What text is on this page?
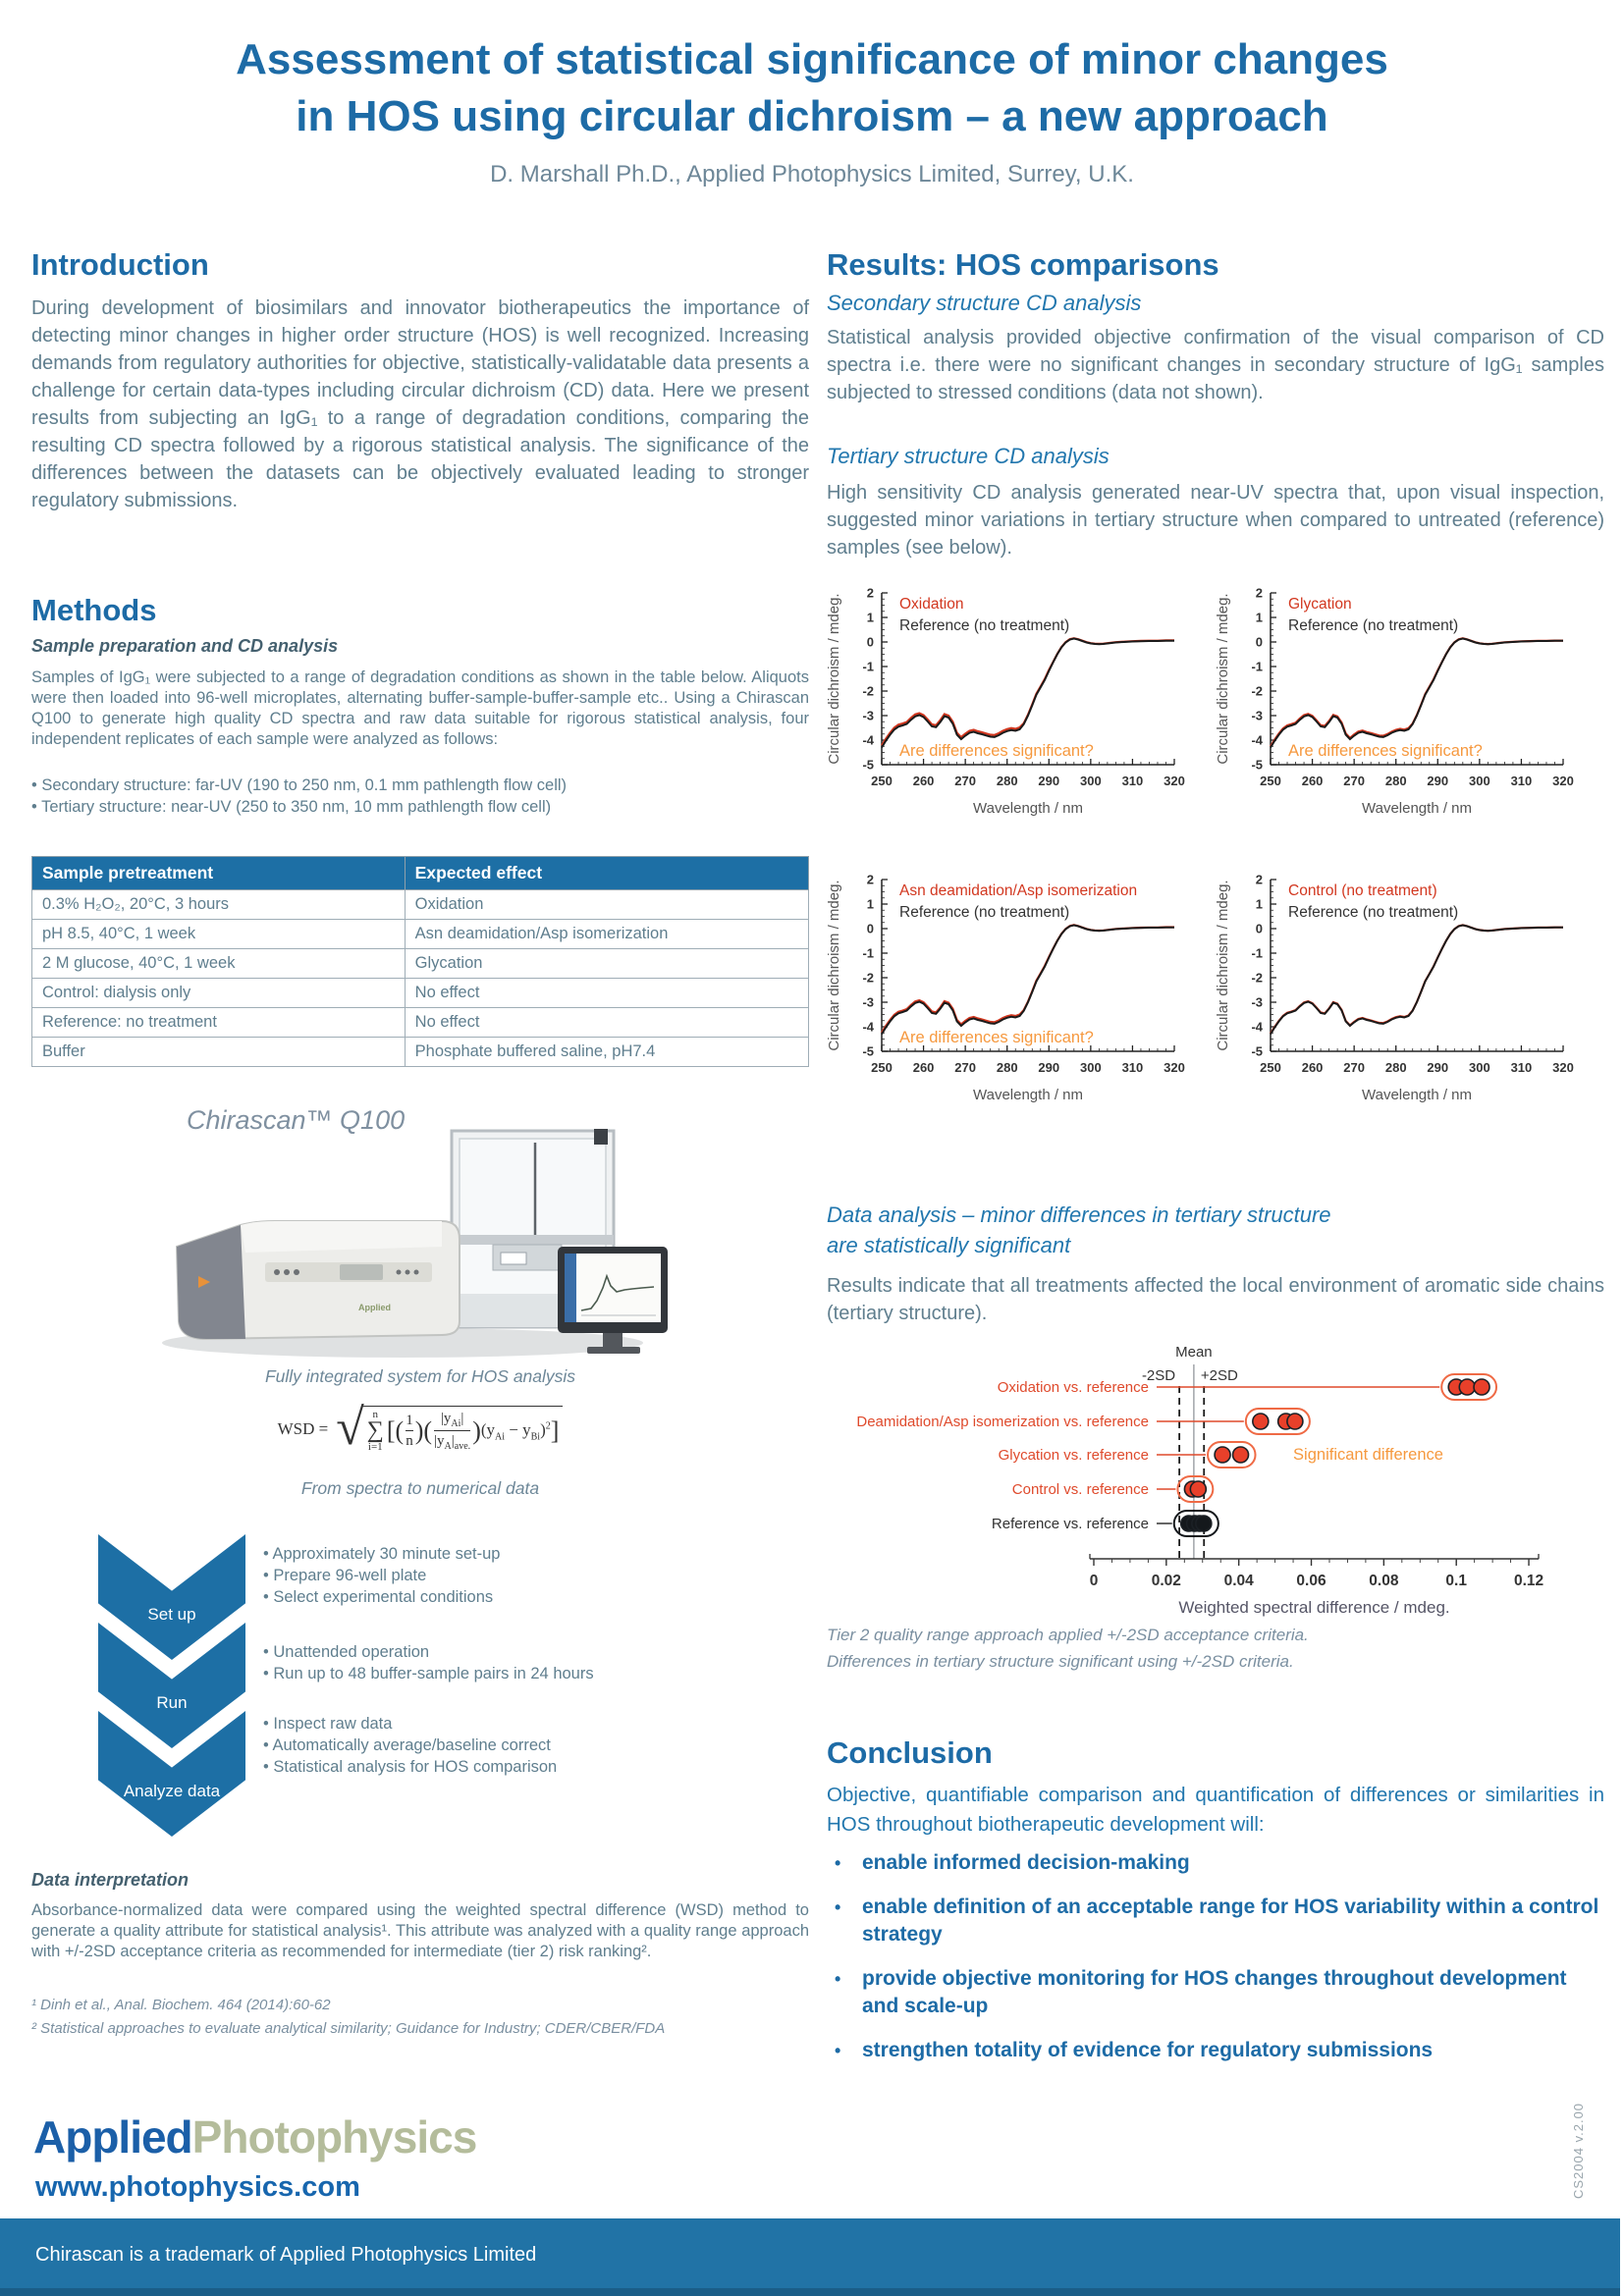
Assessment of statistical significance of minor changes
in HOS using circular dichroism – a new approach
D. Marshall Ph.D., Applied Photophysics Limited, Surrey, U.K.
Introduction
During development of biosimilars and innovator biotherapeutics the importance of detecting minor changes in higher order structure (HOS) is well recognized. Increasing demands from regulatory authorities for objective, statistically-validatable data presents a challenge for certain data-types including circular dichroism (CD) data. Here we present results from subjecting an IgG₁ to a range of degradation conditions, comparing the resulting CD spectra followed by a rigorous statistical analysis. The significance of the differences between the datasets can be objectively evaluated leading to stronger regulatory submissions.
Methods
Sample preparation and CD analysis
Samples of IgG₁ were subjected to a range of degradation conditions as shown in the table below. Aliquots were then loaded into 96-well microplates, alternating buffer-sample-buffer-sample etc.. Using a Chirascan Q100 to generate high quality CD spectra and raw data suitable for rigorous statistical analysis, four independent replicates of each sample were analyzed as follows:
• Secondary structure: far-UV (190 to 250 nm, 0.1 mm pathlength flow cell)
• Tertiary structure: near-UV (250 to 350 nm, 10 mm pathlength flow cell)
Sample pretreatment	Expected effect
0.3% H₂O₂, 20°C, 3 hours	Oxidation
pH 8.5, 40°C, 1 week	Asn deamidation/Asp isomerization
2 M glucose, 40°C, 1 week	Glycation
Control: dialysis only	No effect
Reference: no treatment	No effect
Buffer	Phosphate buffered saline, pH7.4
Chirascan™ Q100
Applied
Fully integrated system for HOS analysis
WSD = √ n
∑
i=1
[ ( $\frac{1}{n}$ ) ( $\frac{|y_{Ai}|}{|y_A|_{ave.}}$ ) $(y_{Ai} - y_{Bi})^2$ ]
From spectra to numerical data
Set up
Run
Analyze data
• Approximately 30 minute set-up
• Prepare 96-well plate
• Select experimental conditions
• Unattended operation
• Run up to 48 buffer-sample pairs in 24 hours
• Inspect raw data
• Automatically average/baseline correct
• Statistical analysis for HOS comparison
Data interpretation
Absorbance-normalized data were compared using the weighted spectral difference (WSD) method to generate a quality attribute for statistical analysis¹. This attribute was analyzed with a quality range approach with +/-2SD acceptance criteria as recommended for intermediate (tier 2) risk ranking².
¹ Dinh et al., Anal. Biochem. 464 (2014):60-62
² Statistical approaches to evaluate analytical similarity; Guidance for Industry; CDER/CBER/FDA
Results: HOS comparisons
Secondary structure CD analysis
Statistical analysis provided objective confirmation of the visual comparison of CD spectra i.e. there were no significant changes in secondary structure of IgG₁ samples subjected to stressed conditions (data not shown).
Tertiary structure CD analysis
High sensitivity CD analysis generated near-UV spectra that, upon visual inspection, suggested minor variations in tertiary structure when compared to untreated (reference) samples (see below).
2
1
0
-1
-2
-3
-4
-5
250 260 270 280 290 300 310 320
Circular dichroism / mdeg.
Wavelength / nm
Oxidation
Reference (no treatment)
Are differences significant?
2
1
0
-1
-2
-3
-4
-5
250 260 270 280 290 300 310 320
Circular dichroism / mdeg.
Wavelength / nm
Glycation
Reference (no treatment)
Are differences significant?
2
1
0
-1
-2
-3
-4
-5
250 260 270 280 290 300 310 320
Circular dichroism / mdeg.
Wavelength / nm
Asn deamidation/Asp isomerization
Reference (no treatment)
Are differences significant?
2
1
0
-1
-2
-3
-4
-5
250 260 270 280 290 300 310 320
Circular dichroism / mdeg.
Wavelength / nm
Control (no treatment)
Reference (no treatment)
Data analysis – minor differences in tertiary structure
are statistically significant
Results indicate that all treatments affected the local environment of aromatic side chains (tertiary structure).
Mean
-2SD +2SD
0	0.02	0.04	0.06	0.08	0.1	0.12
Weighted spectral difference / mdeg.
Oxidation vs. reference
Deamidation/Asp isomerization vs. reference
Glycation vs. reference
Control vs. reference
Reference vs. reference
Significant difference
Tier 2 quality range approach applied +/-2SD acceptance criteria.
Differences in tertiary structure significant using +/-2SD criteria.
Conclusion
Objective, quantifiable comparison and quantification of differences or similarities in HOS throughout biotherapeutic development will:
• enable informed decision-making
• enable definition of an acceptable range for HOS variability within a control strategy
• provide objective monitoring for HOS changes throughout development and scale-up
• strengthen totality of evidence for regulatory submissions
AppliedPhotophysics
www.photophysics.com	CS2004 v.2.00
Chirascan is a trademark of Applied Photophysics Limited
